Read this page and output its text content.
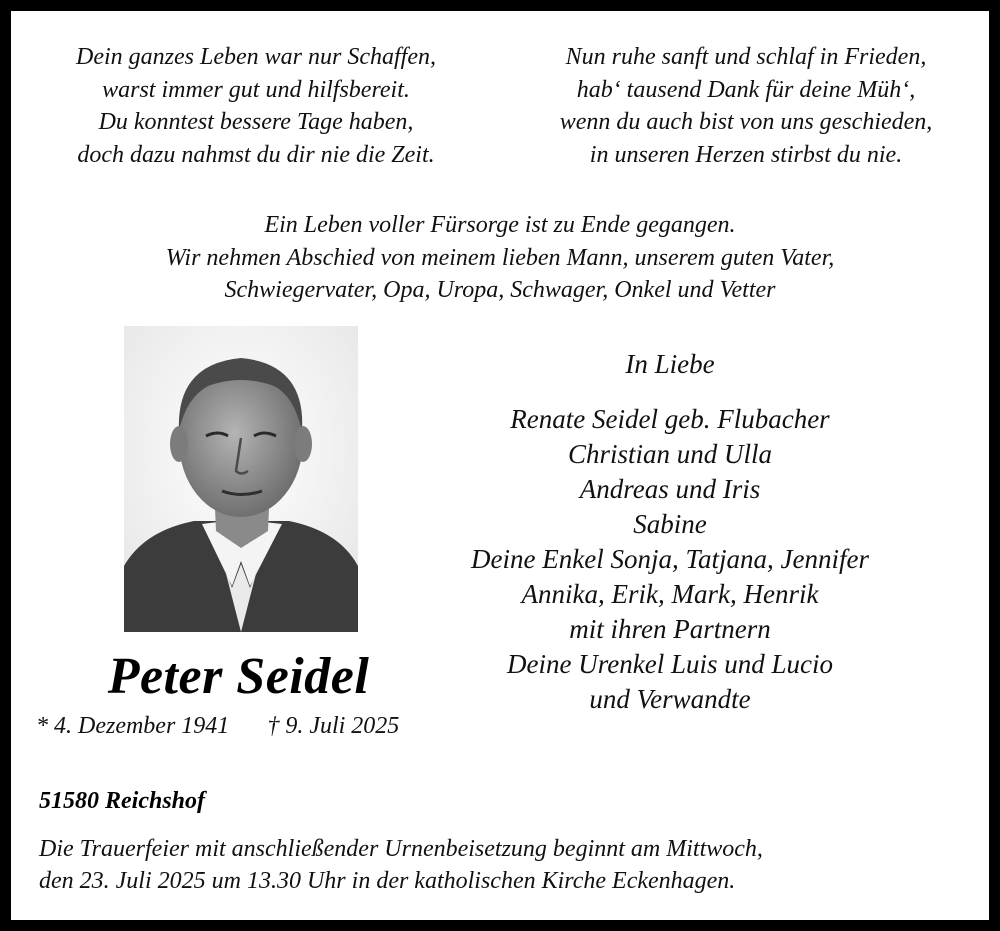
Dein ganzes Leben war nur Schaffen,
warst immer gut und hilfsbereit.
Du konntest bessere Tage haben,
doch dazu nahmst du dir nie die Zeit.
Nun ruhe sanft und schlaf in Frieden,
hab‘ tausend Dank für deine Müh‘,
wenn du auch bist von uns geschieden,
in unseren Herzen stirbst du nie.
Ein Leben voller Fürsorge ist zu Ende gegangen.
Wir nehmen Abschied von meinem lieben Mann, unserem guten Vater,
Schwiegervater, Opa, Uropa, Schwager, Onkel und Vetter
Peter Seidel
* 4. Dezember 1941 † 9. Juli 2025
In Liebe
Renate Seidel geb. Flubacher
Christian und Ulla
Andreas und Iris
Sabine
Deine Enkel Sonja, Tatjana, Jennifer
Annika, Erik, Mark, Henrik
mit ihren Partnern
Deine Urenkel Luis und Lucio
und Verwandte
51580 Reichshof
Die Trauerfeier mit anschließender Urnenbeisetzung beginnt am Mittwoch,
den 23. Juli 2025 um 13.30 Uhr in der katholischen Kirche Eckenhagen.
